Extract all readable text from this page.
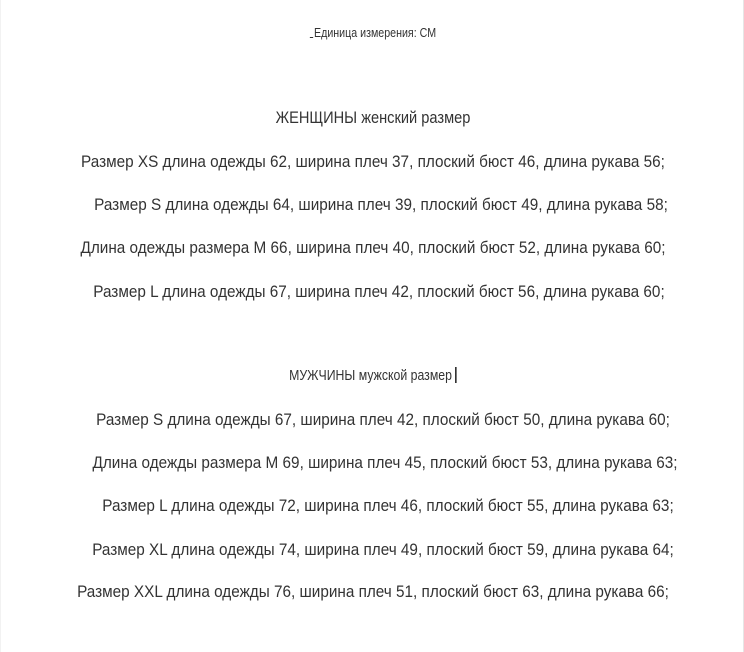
Единица измерения: СМ
ЖЕНЩИНЫ женский размер
Размер XS длина одежды 62, ширина плеч 37, плоский бюст 46, длина рукава 56;
Размер S длина одежды 64, ширина плеч 39, плоский бюст 49, длина рукава 58;
Длина одежды размера M 66, ширина плеч 40, плоский бюст 52, длина рукава 60;
Размер L длина одежды 67, ширина плеч 42, плоский бюст 56, длина рукава 60;
МУЖЧИНЫ мужской размер
Размер S длина одежды 67, ширина плеч 42, плоский бюст 50, длина рукава 60;
Длина одежды размера M 69, ширина плеч 45, плоский бюст 53, длина рукава 63;
Размер L длина одежды 72, ширина плеч 46, плоский бюст 55, длина рукава 63;
Размер XL длина одежды 74, ширина плеч 49, плоский бюст 59, длина рукава 64;
Размер XXL длина одежды 76, ширина плеч 51, плоский бюст 63, длина рукава 66;
